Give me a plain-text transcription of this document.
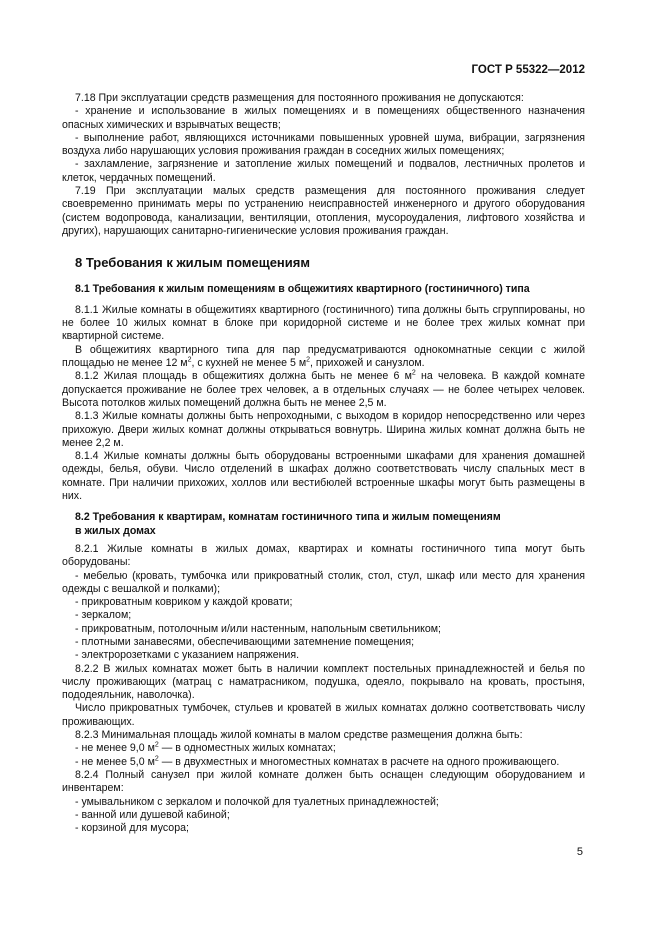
ГОСТ Р 55322—2012

7.18 При эксплуатации средств размещения для постоянного проживания не допускаются:

- хранение и использование в жилых помещениях и в помещениях общественного назначения опасных химических и взрывчатых веществ;

- выполнение работ, являющихся источниками повышенных уровней шума, вибрации, загрязнения воздуха либо нарушающих условия проживания граждан в соседних жилых помещениях;

- захламление, загрязнение и затопление жилых помещений и подвалов, лестничных пролетов и клеток, чердачных помещений.

7.19 При эксплуатации малых средств размещения для постоянного проживания следует своевременно принимать меры по устранению неисправностей инженерного и другого оборудования (систем водопровода, канализации, вентиляции, отопления, мусороудаления, лифтового хозяйства и других), нарушающих санитарно-гигиенические условия проживания граждан.

8 Требования к жилым помещениям

8.1 Требования к жилым помещениям в общежитиях квартирного (гостиничного) типа

8.1.1 Жилые комнаты в общежитиях квартирного (гостиничного) типа должны быть сгруппированы, но не более 10 жилых комнат в блоке при коридорной системе и не более трех жилых комнат при квартирной системе.

В общежитиях квартирного типа для пар предусматриваются однокомнатные секции с жилой площадью не менее 12 $м^2$, с кухней не менее 5 $м^2$, прихожей и санузлом.

8.1.2 Жилая площадь в общежитиях должна быть не менее 6 $м^2$ на человека. В каждой комнате допускается проживание не более трех человек, а в отдельных случаях — не более четырех человек. Высота потолков жилых помещений должна быть не менее 2,5 м.

8.1.3 Жилые комнаты должны быть непроходными, с выходом в коридор непосредственно или через прихожую. Двери жилых комнат должны открываться вовнутрь. Ширина жилых комнат должна быть не менее 2,2 м.

8.1.4 Жилые комнаты должны быть оборудованы встроенными шкафами для хранения домашней одежды, белья, обуви. Число отделений в шкафах должно соответствовать числу спальных мест в комнате. При наличии прихожих, холлов или вестибюлей встроенные шкафы могут быть размещены в них.

8.2 Требования к квартирам, комнатам гостиничного типа и жилым помещениям
в жилых домах

8.2.1 Жилые комнаты в жилых домах, квартирах и комнаты гостиничного типа могут быть оборудованы:

- мебелью (кровать, тумбочка или прикроватный столик, стол, стул, шкаф или место для хранения одежды с вешалкой и полками);

- прикроватным ковриком у каждой кровати;

- зеркалом;

- прикроватным, потолочным и/или настенным, напольным светильником;

- плотными занавесями, обеспечивающими затемнение помещения;

- электророзетками с указанием напряжения.

8.2.2 В жилых комнатах может быть в наличии комплект постельных принадлежностей и белья по числу проживающих (матрац с наматрасником, подушка, одеяло, покрывало на кровать, простыня, пододеяльник, наволочка).

Число прикроватных тумбочек, стульев и кроватей в жилых комнатах должно соответствовать числу проживающих.

8.2.3 Минимальная площадь жилой комнаты в малом средстве размещения должна быть:

- не менее 9,0 $м^2$ — в одноместных жилых комнатах;

- не менее 5,0 $м^2$ — в двухместных и многоместных комнатах в расчете на одного проживающего.

8.2.4 Полный санузел при жилой комнате должен быть оснащен следующим оборудованием и инвентарем:

- умывальником с зеркалом и полочкой для туалетных принадлежностей;

- ванной или душевой кабиной;

- корзиной для мусора;

5
